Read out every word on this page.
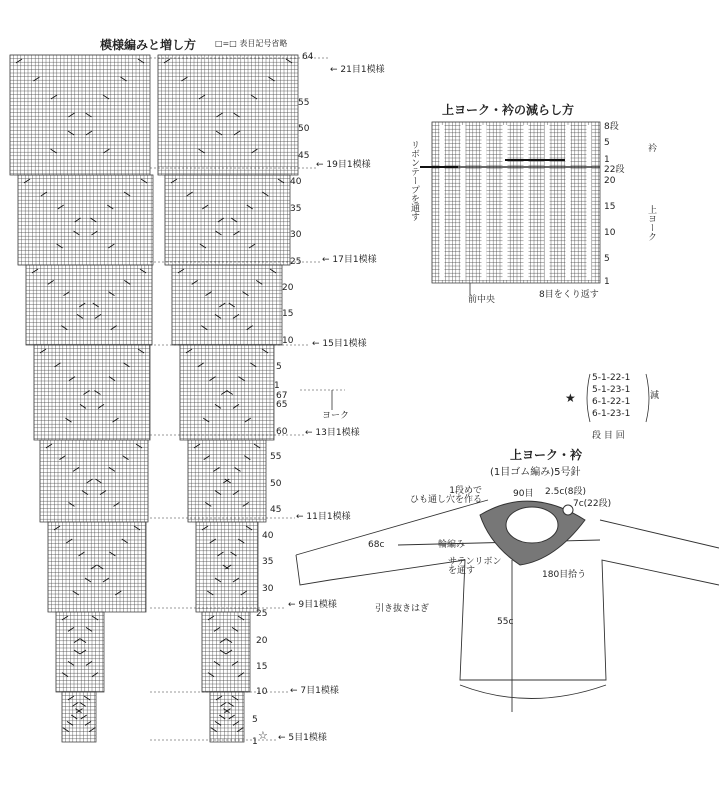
模様編みと増し方 □=□ 表目記号省略
64
55
50
45
40
35
30
25
20
15
10
5
1
67
65
60
55
50
45
40
35
30
25
20
15
10
5
1
← 21目1模様
← 19目1模様
← 17目1模様
← 15目1模様
← 13目1模様
← 11目1模様
← 9目1模様
← 7目1模様
← 5目1模様
ヨーク
☆
上ヨーク・衿の減らし方
リボンテープを通す	衿
上ヨーク
前中央	8目をくり返す
8段
5
1
22段
20
15
10
5
1
★
5-1-22-1
5-1-23-1
6-1-22-1
6-1-23-1
段 目 回
減
上ヨーク・衿
(1目ゴム編み)5号針
1段めで
ひも通し穴を作る
90目 2.5c(8段)
7c(22段)
68c	輪編み
サテンリボン
を通す	180目拾う
引き抜きはぎ
55c
